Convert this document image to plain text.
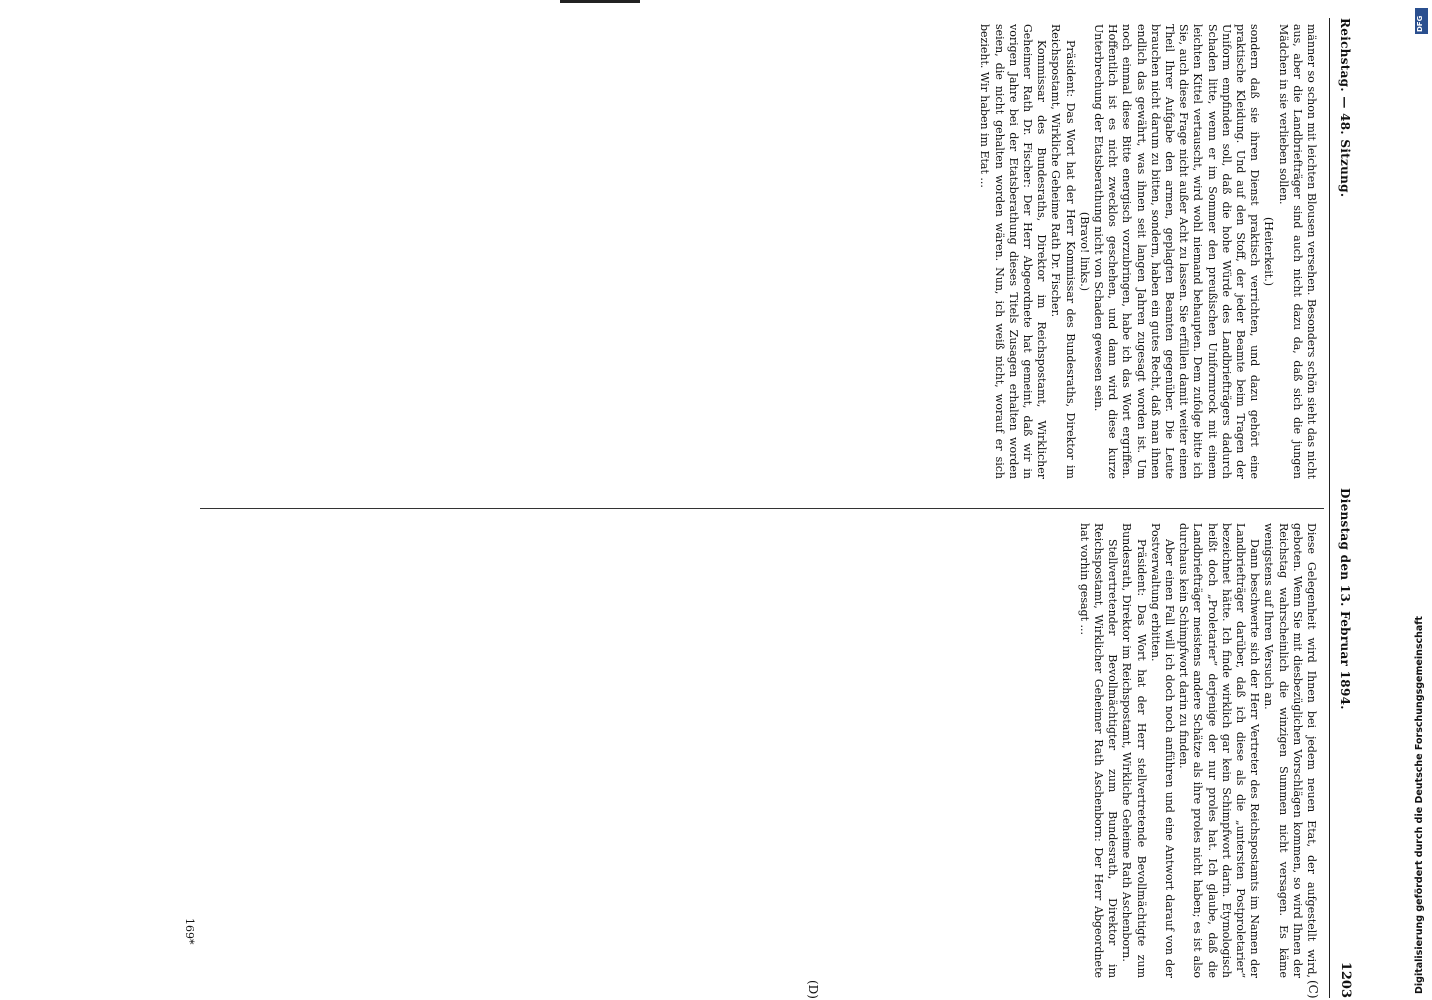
Reichstag. — 48. Sitzung.
Dienstag den 13. Februar 1894.
1203
(C)
(D)

männer so schon mit leichten Blousen versehen. Besonders schön sieht das nicht aus, aber die Landbriefträger sind auch nicht dazu da, daß sich die jungen Mädchen in sie verlieben sollen.

(Heiterkeit.)

sondern daß sie ihren Dienst praktisch verrichten, und dazu gehört eine praktische Kleidung. Und auf den Stoff, der jeder Beamte beim Tragen der Uniform empfinden soll, daß die hohe Würde des Landbriefträgers dadurch Schaden litte, wenn er im Sommer den preußischen Uniformrock mit einem leichten Kittel vertauscht, wird wohl niemand behaupten. Dem zufolge bitte ich Sie, auch diese Frage nicht außer Acht zu lassen. Sie erfüllen damit weiter einen Theil Ihrer Aufgabe den armen, geplagten Beamten gegenüber. Die Leute brauchen nicht darum zu bitten, sondern, haben ein gutes Recht, daß man ihnen endlich das gewährt, was ihnen seit langen Jahren zugesagt worden ist. Um noch einmal diese Bitte energisch vorzubringen, habe ich das Wort ergriffen. Hoffentlich ist es nicht zwecklos geschehen, und dann wird diese kurze Unterbrechung der Etatsberathung nicht von Schaden gewesen sein.

(Bravo! links.)

Präsident: Das Wort hat der Herr Kommissar des Bundesraths, Direktor im Reichspostamt, Wirkliche Geheime Rath Dr. Fischer.

Kommissar des Bundesraths, Direktor im Reichspostamt, Wirklicher Geheimer Rath Dr. Fischer: Der Herr Abgeordnete hat gemeint, daß wir in vorigen Jahre bei der Etatsberathung dieses Titels Zusagen erhalten worden seien, die nicht gehalten worden wären. Nun, ich weiß nicht, worauf er sich bezieht. Wir haben im Etat ...

Diese Gelegenheit wird Ihnen bei jedem neuen Etat, der aufgestellt wird, geboten. Wenn Sie mit diesbezüglichen Vorschlägen kommen, so wird Ihnen der Reichstag wahrscheinlich die winzigen Summen nicht versagen. Es käme wenigstens auf Ihren Versuch an.

Dann beschwerte sich der Herr Vertreter des Reichspostamts im Namen der Landbriefträger darüber, daß ich diese als die „untersten Postproletarier“ bezeichnet hätte. Ich finde wirklich gar kein Schimpfwort darin. Etymologisch heißt doch „Proletarier“ derjenige der nur proles hat. Ich glaube, daß die Landbriefträger meistens andere Schätze als ihre proles nicht haben; es ist also durchaus kein Schimpfwort darin zu finden.

Aber einen Fall will ich doch noch anführen und eine Antwort darauf von der Postverwaltung erbitten.

Präsident: Das Wort hat der Herr stellvertretende Bevollmächtigte zum Bundesrath, Direktor im Reichspostamt, Wirkliche Geheime Rath Aschenborn.

Stellvertretender Bevollmächtigter zum Bundesrath, Direktor im Reichspostamt, Wirklicher Geheimer Rath Aschenborn: Der Herr Abgeordnete hat vorhin gesagt ...

169*
DFG
Digitalisierung gefördert durch die Deutsche Forschungsgemeinschaft
